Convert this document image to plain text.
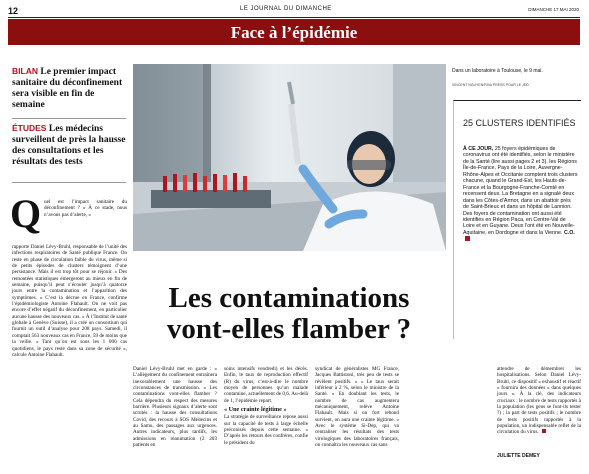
12	LE JOURNAL DU DIMANCHE	DIMANCHE 17 MAI 2020
Face à l’épidémie
BILAN Le premier impact sanitaire du déconfinement sera visible en fin de semaine
ÉTUDES Les médecins surveillent de près la hausse des consultations et les résultats des tests
Dans un laboratoire à Toulouse, le 9 mai.
VINCENT NGUYEN/RIVA PRESS POUR LE JDD
Q uel est l’impact sanitaire du déconfinement ? « À ce stade, nous n’avons pas d’alerte, »
rapporte Daniel Lévy-Bruhl, responsable de l’unité des infections respiratoires de Santé publique France. On reste en phase de circulation faible du virus, même si de petits épisodes de clusters témoignent d’une persistance. Mais il est trop tôt pour se réjouir. » Des remontées statistiques émergeront au mieux en fin de semaine, puisqu’il peut s’écouler jusqu’à quatorze jours entre la contamination et l’apparition des symptômes. « C’est la décrue en France, confirme l’épidémiologiste Antoine Flahault. On ne voit pas encore d’effet négatif du déconfinement, en particulier aucune hausse des nouveaux cas. » À l’Institut de santé globale à Genève (Suisse), il a créé un consortium qui fournit un outil d’analyse pour 208 pays. Samedi, il comptait 563 nouveaux cas en France, 59 de moins que la veille. « Tant qu’on est sous les 1 000 cas quotidiens, le pays reste dans sa zone de sécurité », calcule Antoine Flahault.
Les contaminations vont-elles flamber ?
25 CLUSTERS IDENTIFIÉS
À CE JOUR, 25 foyers épidémiques de coronavirus ont été identifiés, selon le ministère de la Santé (lire aussi pages 2 et 3). les Régions Île-de-France, Pays de la Loire, Auvergne-Rhône-Alpes et Occitanie comptent trois clusters chacune, quand le Grand-Est, les Hauts-de-France et la Bourgogne-Franche-Comté en recensent deux. La Bretagne en a signalé deux dans les Côtes-d’Armor, dans un abattoir près de Saint-Brieuc et dans un hôpital de Lannion. Des foyers de contamination ont aussi été identifiés en Région Paca, en Centre-Val de Loire et en Guyane. Deux l’ont été en Nouvelle-Aquitaine, en Dordogne et dans la Vienne. C.O.
Daniel Lévy-Bruhl met en garde : « L’allègement du confinement entraînera inexorablement une hausse des circonstances de transmission. » Les contaminations vont-elles flamber ? Cela dépendra du respect des mesures barrière. Plusieurs signaux d’alerte sont scrutés : la hausse des consultations Covid, des recours à SOS Médecins et au Samu, des passages aux urgences. Autres indicateurs, plus tardifs, les admissions en réanimation (2 203 patients en
soins intensifs vendredi) et les décès. Enfin, le taux de reproduction effectif (R) du virus, c’est-à-dire le nombre moyen de personnes qu’un malade contamine, actuellement de 0,6. Au-delà de 1, l’épidémie repart.
« Une crainte légitime »
La stratégie de surveillance repose aussi sur la capacité de tests à large échelle préconisés depuis cette semaine. « D’après les retours des confrères, confie le président du
syndicat de généralistes MG France, Jacques Battistoni, très peu de tests se révèlent positifs. » « Le taux serait inférieur à 2 %, selon le ministre de la Santé. « En doublant les tests, le nombre de cas augmentera mécaniquement, relève Antoine Flahault. Mais si on fort rebond survient, on aura une crainte légitime. » Avec le système Si-Dep, qui va centraliser les résultats des tests virologiques des laboratoires français, on connaîtra les nouveaux cas sans
attendre de démembrer les hospitalisations. Selon Daniel Lévy-Bruhl, ce dispositif « exhaustif et réactif » fournira des données « dans quelques jours ». À la clé, des indicateurs cruciaux : le nombre de tests rapportés à la population (les gens se font-ils tester ?) ; la part de tests positifs ; le nombre de tests positifs rapportés à la population, un indispensable reflet de la circulation du virus.
JULIETTE DEMEY
